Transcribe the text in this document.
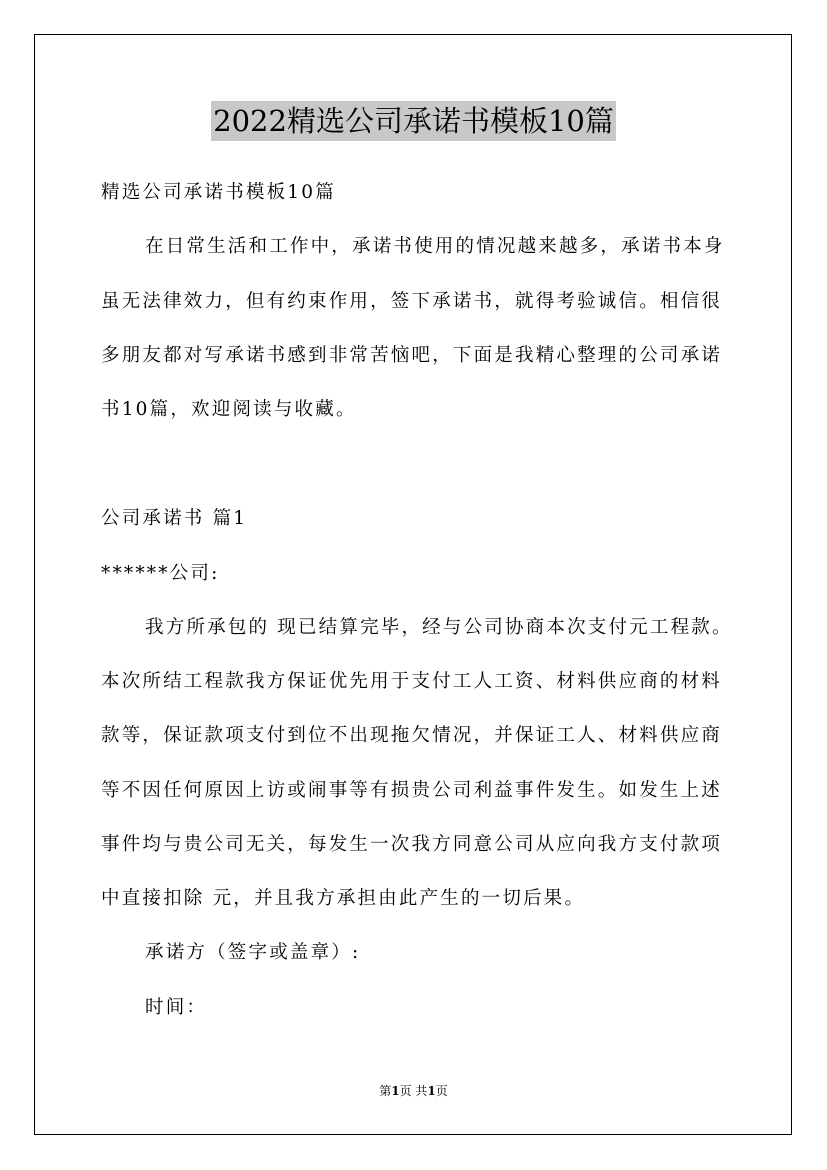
2022精选公司承诺书模板10篇
精选公司承诺书模板10篇
在日常生活和工作中，承诺书使用的情况越来越多，承诺书本身
虽无法律效力，但有约束作用，签下承诺书，就得考验诚信。相信很
多朋友都对写承诺书感到非常苦恼吧，下面是我精心整理的公司承诺
书10篇，欢迎阅读与收藏。
公司承诺书 篇1
******公司:
我方所承包的 现已结算完毕，经与公司协商本次支付元工程款。
本次所结工程款我方保证优先用于支付工人工资、材料供应商的材料
款等，保证款项支付到位不出现拖欠情况，并保证工人、材料供应商
等不因任何原因上访或闹事等有损贵公司利益事件发生。如发生上述
事件均与贵公司无关，每发生一次我方同意公司从应向我方支付款项
中直接扣除 元，并且我方承担由此产生的一切后果。
承诺方（签字或盖章）:
时间：
第1页 共1页
